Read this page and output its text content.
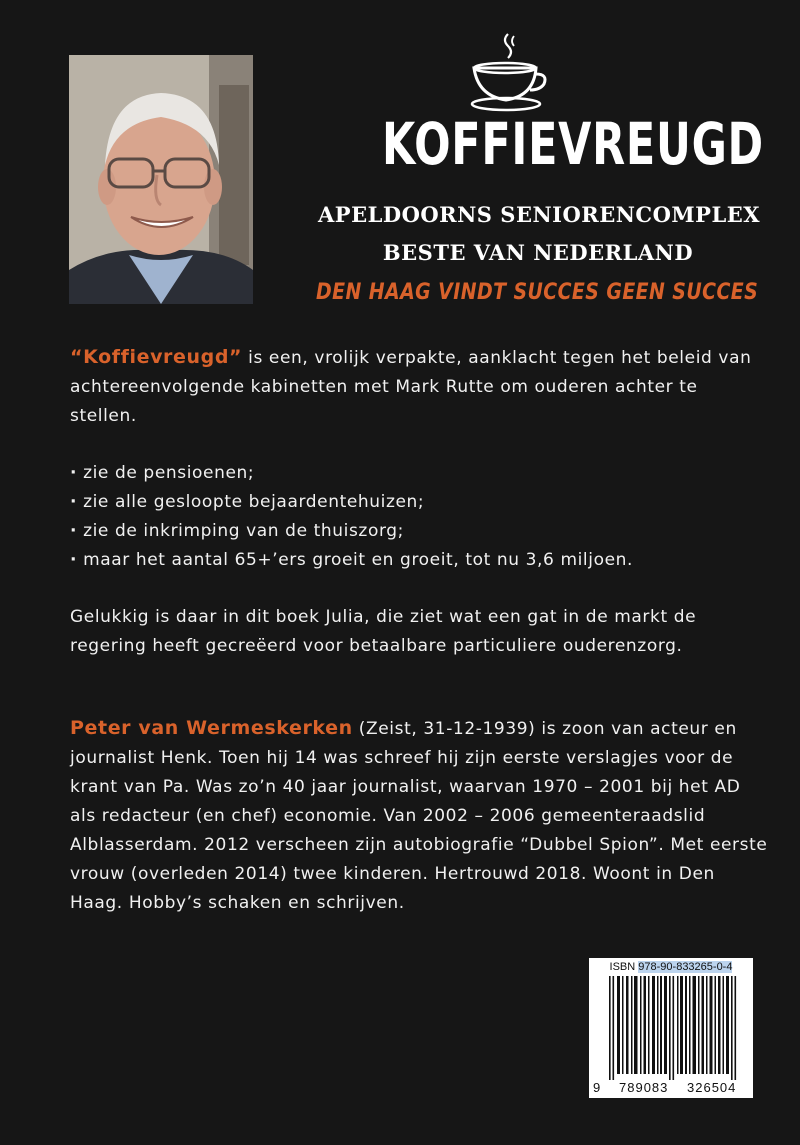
KOFFIEVREUGD
APELDOORNS SENIORENCOMPLEX
BESTE VAN NEDERLAND
DEN HAAG VINDT SUCCES GEEN SUCCES

“Koffievreugd” is een, vrolijk verpakte, aanklacht tegen het beleid van achtereenvolgende kabinetten met Mark Rutte om ouderen achter te stellen.

· zie de pensioenen;
· zie alle gesloopte bejaardentehuizen;
· zie de inkrimping van de thuiszorg;
· maar het aantal 65+’ers groeit en groeit, tot nu 3,6 miljoen.

Gelukkig is daar in dit boek Julia, die ziet wat een gat in de markt de regering heeft gecreëerd voor betaalbare particuliere ouderenzorg.

Peter van Wermeskerken (Zeist, 31-12-1939) is zoon van acteur en journalist Henk. Toen hij 14 was schreef hij zijn eerste verslagjes voor de krant van Pa. Was zo’n 40 jaar journalist, waarvan 1970 – 2001 bij het AD als redacteur (en chef) economie. Van 2002 – 2006 gemeenteraadslid Alblasserdam. 2012 verscheen zijn autobiografie “Dubbel Spion”. Met eerste vrouw (overleden 2014) twee kinderen. Hertrouwd 2018. Woont in Den Haag. Hobby’s schaken en schrijven.

ISBN 978-90-833265-0-4
9 789083 326504
